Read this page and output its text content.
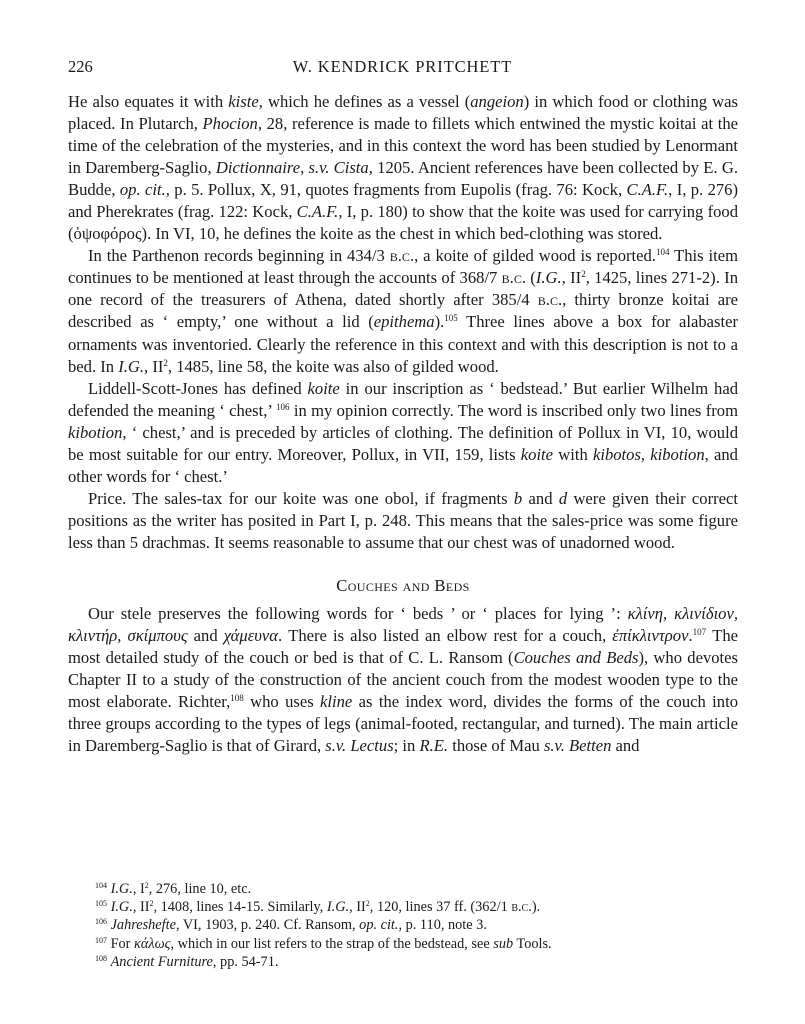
226	W. KENDRICK PRITCHETT

He also equates it with kiste, which he defines as a vessel (angeion) in which food or clothing was placed. In Plutarch, Phocion, 28, reference is made to fillets which entwined the mystic koitai at the time of the celebration of the mysteries, and in this context the word has been studied by Lenormant in Daremberg-Saglio, Dictionnaire, s.v. Cista, 1205. Ancient references have been collected by E. G. Budde, op. cit., p. 5. Pollux, X, 91, quotes fragments from Eupolis (frag. 76: Kock, C.A.F., I, p. 276) and Pherekrates (frag. 122: Kock, C.A.F., I, p. 180) to show that the koite was used for carrying food (ὀψοφόρος). In VI, 10, he defines the koite as the chest in which bed-clothing was stored.

In the Parthenon records beginning in 434/3 b.c., a koite of gilded wood is reported.$^{104}$ This item continues to be mentioned at least through the accounts of 368/7 b.c. (I.G., $II^2$, 1425, lines 271-2). In one record of the treasurers of Athena, dated shortly after 385/4 b.c., thirty bronze koitai are described as ‘ empty,’ one without a lid (epithema).$^{105}$ Three lines above a box for alabaster ornaments was inventoried. Clearly the reference in this context and with this description is not to a bed. In I.G., $II^2$, 1485, line 58, the koite was also of gilded wood.

Liddell-Scott-Jones has defined koite in our inscription as ‘ bedstead.’ But earlier Wilhelm had defended the meaning ‘ chest,’ $^{106}$ in my opinion correctly. The word is inscribed only two lines from kibotion, ‘ chest,’ and is preceded by articles of clothing. The definition of Pollux in VI, 10, would be most suitable for our entry. Moreover, Pollux, in VII, 159, lists koite with kibotos, kibotion, and other words for ‘ chest.’

Price. The sales-tax for our koite was one obol, if fragments b and d were given their correct positions as the writer has posited in Part I, p. 248. This means that the sales-price was some figure less than 5 drachmas. It seems reasonable to assume that our chest was of unadorned wood.

Couches and Beds

Our stele preserves the following words for ‘ beds ’ or ‘ places for lying ’: κλίνη, κλινίδιον, κλιντήρ, σκίμπους and χάμευνα. There is also listed an elbow rest for a couch, ἐπίκλιντρον.$^{107}$ The most detailed study of the couch or bed is that of C. L. Ransom (Couches and Beds), who devotes Chapter II to a study of the construction of the ancient couch from the modest wooden type to the most elaborate. Richter,$^{108}$ who uses kline as the index word, divides the forms of the couch into three groups according to the types of legs (animal-footed, rectangular, and turned). The main article in Daremberg-Saglio is that of Girard, s.v. Lectus; in R.E. those of Mau s.v. Betten and

$^{104}$ I.G., $I^2$, 276, line 10, etc.
$^{105}$ I.G., $II^2$, 1408, lines 14-15. Similarly, I.G., $II^2$, 120, lines 37 ff. (362/1 b.c.).
$^{106}$ Jahreshefte, VI, 1903, p. 240. Cf. Ransom, op. cit., p. 110, note 3.
$^{107}$ For κάλως, which in our list refers to the strap of the bedstead, see sub Tools.
$^{108}$ Ancient Furniture, pp. 54-71.
